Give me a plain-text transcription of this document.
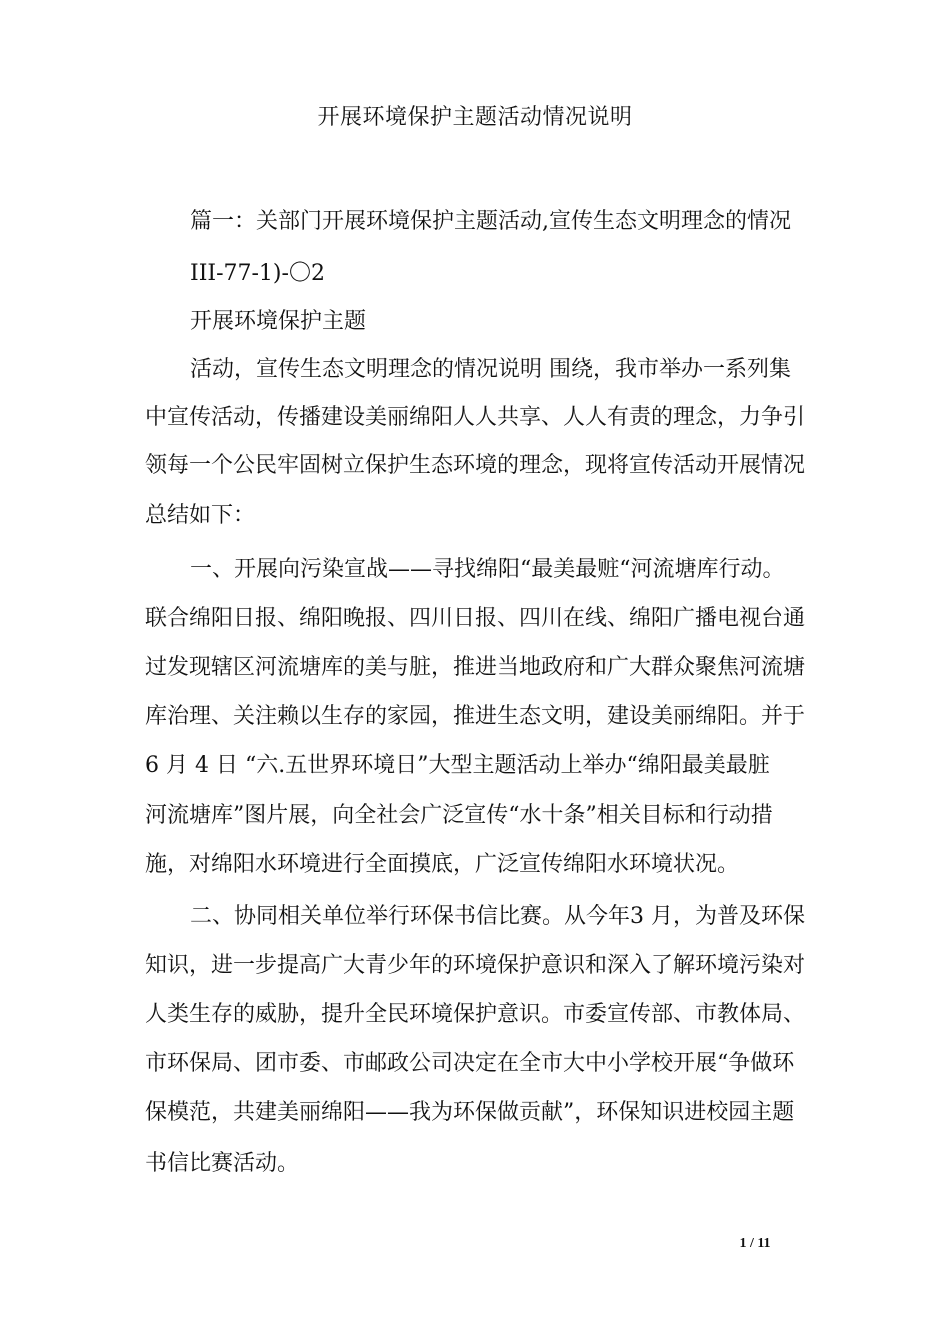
开展环境保护主题活动情况说明

篇一：关部门开展环境保护主题活动,宣传生态文明理念的情况

III-77-1)-〇2

开展环境保护主题

活动，宣传生态文明理念的情况说明 围绕，我市举办一系列集

中宣传活动，传播建设美丽绵阳人人共享、人人有责的理念，力争引

领每一个公民牢固树立保护生态环境的理念，现将宣传活动开展情况

总结如下：

一、开展向污染宣战——寻找绵阳“最美最赃“河流塘库行动。

联合绵阳日报、绵阳晚报、四川日报、四川在线、绵阳广播电视台通

过发现辖区河流塘库的美与脏，推进当地政府和广大群众聚焦河流塘

库治理、关注赖以生存的家园，推进生态文明，建设美丽绵阳。并于

6 月 4 日 “六.五世界环境日”大型主题活动上举办“绵阳最美最脏

河流塘库”图片展，向全社会广泛宣传“水十条”相关目标和行动措

施，对绵阳水环境进行全面摸底，广泛宣传绵阳水环境状况。

二、协同相关单位举行环保书信比赛。从今年3 月，为普及环保

知识，进一步提高广大青少年的环境保护意识和深入了解环境污染对

人类生存的威胁，提升全民环境保护意识。市委宣传部、市教体局、

市环保局、团市委、市邮政公司决定在全市大中小学校开展“争做环

保模范，共建美丽绵阳——我为环保做贡献”，环保知识进校园主题

书信比赛活动。

1 / 11
